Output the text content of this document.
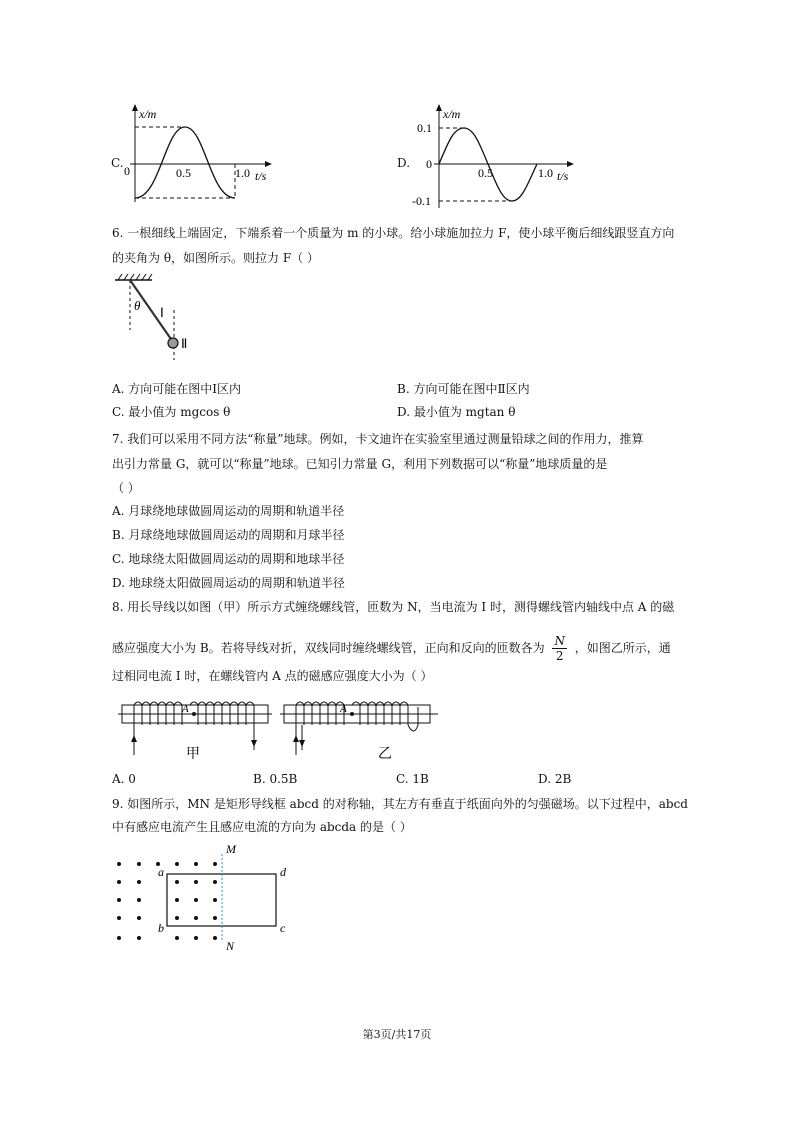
C.
x/m
0	0.5	1.0 t/s
D.
x/m
0.1
0
-0.1
0.5	1.0 t/s
6. 一根细线上端固定，下端系着一个质量为 m 的小球。给小球施加拉力 F，使小球平衡后细线跟竖直方向
的夹角为 θ，如图所示。则拉力 F（ ）
θ Ⅰ
Ⅱ
A. 方向可能在图中Ⅰ区内	B. 方向可能在图中Ⅱ区内
C. 最小值为 mgcos θ	D. 最小值为 mgtan θ
7. 我们可以采用不同方法“称量”地球。例如，卡文迪许在实验室里通过测量铅球之间的作用力，推算
出引力常量 G，就可以“称量”地球。已知引力常量 G，利用下列数据可以“称量”地球质量的是
（ ）
A. 月球绕地球做圆周运动的周期和轨道半径
B. 月球绕地球做圆周运动的周期和月球半径
C. 地球绕太阳做圆周运动的周期和地球半径
D. 地球绕太阳做圆周运动的周期和轨道半径
8. 用长导线以如图（甲）所示方式缠绕螺线管，匝数为 N，当电流为 I 时，测得螺线管内轴线中点 A 的磁
感应强度大小为 B。若将导线对折，双线同时缠绕螺线管，正向和反向的匝数各为 $\frac{N}{2}$ ，如图乙所示，通
过相同电流 I 时，在螺线管内 A 点的磁感应强度大小为（ ）
A
甲
A
乙
A. 0	B. 0.5B	C. 1B	D. 2B
9. 如图所示，MN 是矩形导线框 abcd 的对称轴，其左方有垂直于纸面向外的匀强磁场。以下过程中，abcd
中有感应电流产生且感应电流的方向为 abcda 的是（ ）
M
N
a
b	c
d
第3页/共17页
